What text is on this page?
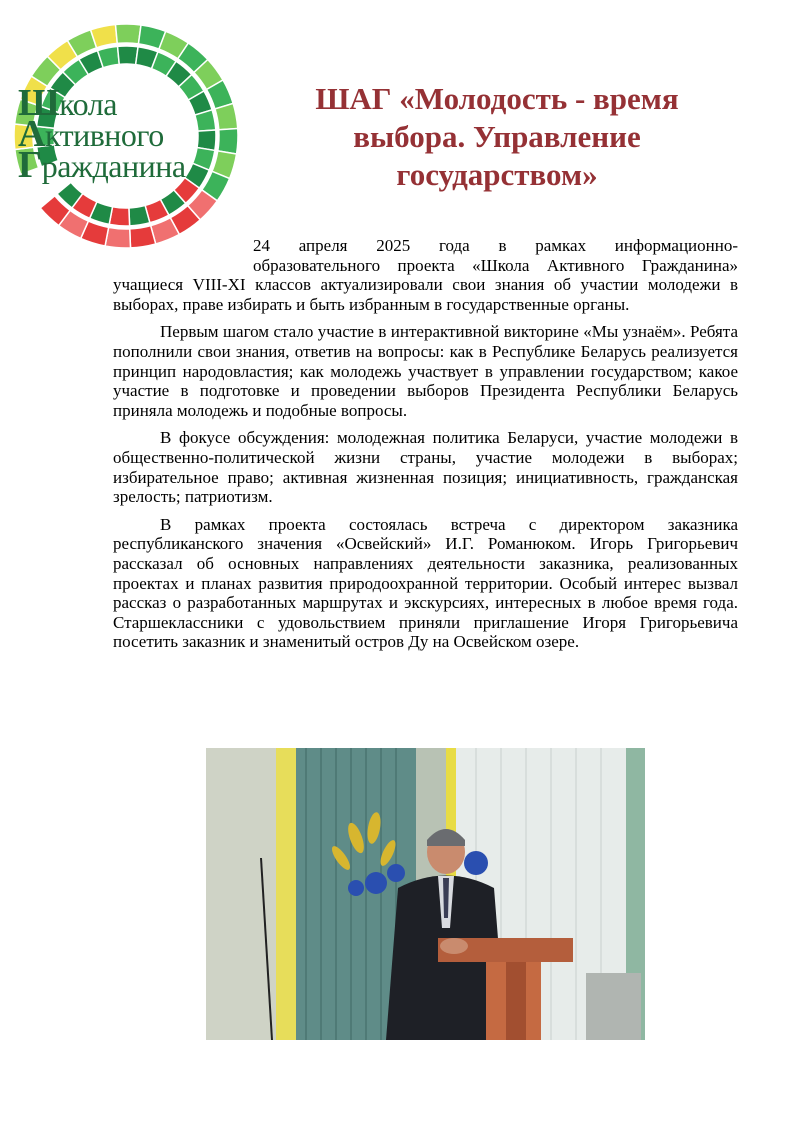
Школа
Активного
Гражданина
ШАГ «Молодость - время выбора. Управление государством»
24 апреля 2025 года в рамках информационно-
образовательного проекта «Школа Активного Гражданина»
учащиеся VIII-XI классов актуализировали свои знания об участии молодежи в выборах, праве избирать и быть избранным в государственные органы.

Первым шагом стало участие в интерактивной викторине «Мы узнаём». Ребята пополнили свои знания, ответив на вопросы: как в Республике Беларусь реализуется принцип народовластия; как молодежь участвует в управлении государством; какое участие в подготовке и проведении выборов Президента Республики Беларусь приняла молодежь и подобные вопросы.

В фокусе обсуждения: молодежная политика Беларуси, участие молодежи в общественно-политической жизни страны, участие молодежи в выборах; избирательное право; активная жизненная позиция; инициативность, гражданская зрелость; патриотизм.

В рамках проекта состоялась встреча с директором заказника республиканского значения «Освейский» И.Г. Романюком. Игорь Григорьевич рассказал об основных направлениях деятельности заказника, реализованных проектах и планах развития природоохранной территории. Особый интерес вызвал рассказ о разработанных маршрутах и экскурсиях, интересных в любое время года. Старшеклассники с удовольствием приняли приглашение Игоря Григорьевича посетить заказник и знаменитый остров Ду на Освейском озере.
